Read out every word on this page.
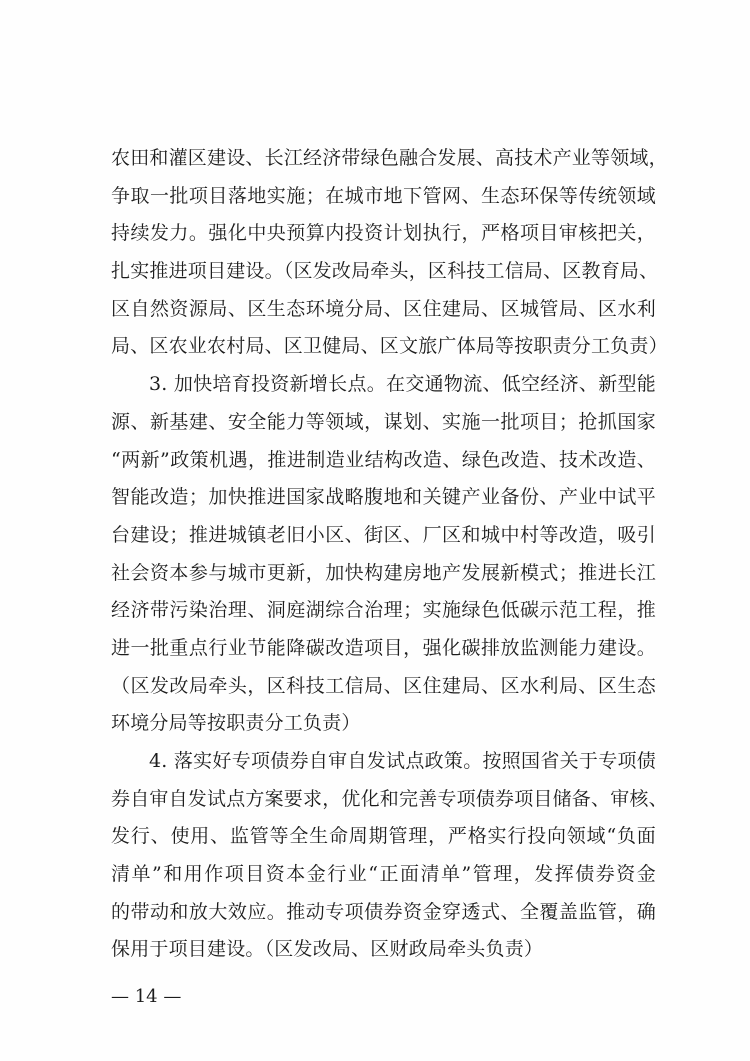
农田和灌区建设、长江经济带绿色融合发展、高技术产业等领域，
争取一批项目落地实施；在城市地下管网、生态环保等传统领域
持续发力。强化中央预算内投资计划执行，严格项目审核把关，
扎实推进项目建设。（区发改局牵头，区科技工信局、区教育局、
区自然资源局、区生态环境分局、区住建局、区城管局、区水利
局、区农业农村局、区卫健局、区文旅广体局等按职责分工负责）
3. 加快培育投资新增长点。在交通物流、低空经济、新型能
源、新基建、安全能力等领域，谋划、实施一批项目；抢抓国家
“两新”政策机遇，推进制造业结构改造、绿色改造、技术改造、
智能改造；加快推进国家战略腹地和关键产业备份、产业中试平
台建设；推进城镇老旧小区、街区、厂区和城中村等改造，吸引
社会资本参与城市更新，加快构建房地产发展新模式；推进长江
经济带污染治理、洞庭湖综合治理；实施绿色低碳示范工程，推
进一批重点行业节能降碳改造项目，强化碳排放监测能力建设。
（区发改局牵头，区科技工信局、区住建局、区水利局、区生态
环境分局等按职责分工负责）
4. 落实好专项债券自审自发试点政策。按照国省关于专项债
券自审自发试点方案要求，优化和完善专项债券项目储备、审核、
发行、使用、监管等全生命周期管理，严格实行投向领域“负面
清单”和用作项目资本金行业“正面清单”管理，发挥债券资金
的带动和放大效应。推动专项债券资金穿透式、全覆盖监管，确
保用于项目建设。（区发改局、区财政局牵头负责）
— 14 —
